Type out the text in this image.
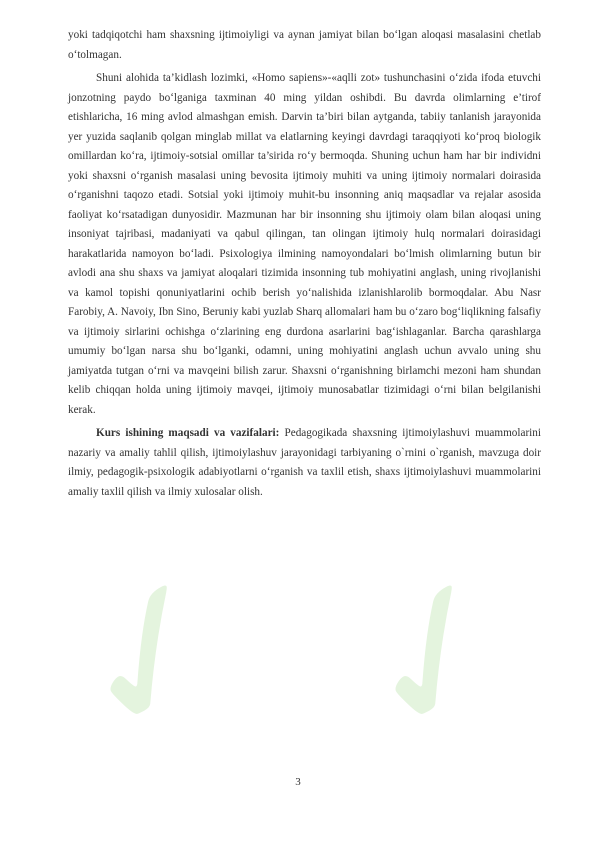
✓ ✓

yoki tadqiqotchi ham shaxsning ijtimoiyligi va aynan jamiyat bilan bo‘lgan aloqasi masalasini chetlab o‘tolmagan.

Shuni alohida ta’kidlash lozimki, «Homo sapiens»-«aqlli zot» tushunchasini o‘zida ifoda etuvchi jonzotning paydo bo‘lganiga taxminan 40 ming yildan oshibdi. Bu davrda olimlarning e’tirof etishlaricha, 16 ming avlod almashgan emish. Darvin ta’biri bilan aytganda, tabiiy tanlanish jarayonida yer yuzida saqlanib qolgan minglab millat va elatlarning keyingi davrdagi taraqqiyoti ko‘proq biologik omillardan ko‘ra, ijtimoiy-sotsial omillar ta’sirida ro‘y bermoqda. Shuning uchun ham har bir individni yoki shaxsni o‘rganish masalasi uning bevosita ijtimoiy muhiti va uning ijtimoiy normalari doirasida o‘rganishni taqozo etadi. Sotsial yoki ijtimoiy muhit-bu insonning aniq maqsadlar va rejalar asosida faoliyat ko‘rsatadigan dunyosidir. Mazmunan har bir insonning shu ijtimoiy olam bilan aloqasi uning insoniyat tajribasi, madaniyati va qabul qilingan, tan olingan ijtimoiy hulq normalari doirasidagi harakatlarida namoyon bo‘ladi. Psixologiya ilmining namoyondalari bo‘lmish olimlarning butun bir avlodi ana shu shaxs va jamiyat aloqalari tizimida insonning tub mohiyatini anglash, uning rivojlanishi va kamol topishi qonuniyatlarini ochib berish yo‘nalishida izlanishlarolib bormoqdalar. Abu Nasr Farobiy, A. Navoiy, Ibn Sino, Beruniy kabi yuzlab Sharq allomalari ham bu o‘zaro bog‘liqlikning falsafiy va ijtimoiy sirlarini ochishga o‘zlarining eng durdona asarlarini bag‘ishlaganlar. Barcha qarashlarga umumiy bo‘lgan narsa shu bo‘lganki, odamni, uning mohiyatini anglash uchun avvalo uning shu jamiyatda tutgan o‘rni va mavqeini bilish zarur. Shaxsni o‘rganishning birlamchi mezoni ham shundan kelib chiqqan holda uning ijtimoiy mavqei, ijtimoiy munosabatlar tizimidagi o‘rni bilan belgilanishi kerak.

Kurs ishining maqsadi va vazifalari: Pedagogikada shaxsning ijtimoiylashuvi muammolarini nazariy va amaliy tahlil qilish, ijtimoiylashuv jarayonidagi tarbiyaning o`rnini o`rganish, mavzuga doir ilmiy, pedagogik-psixologik adabiyotlarni o‘rganish va taxlil etish, shaxs ijtimoiylashuvi muammolarini amaliy taxlil qilish va ilmiy xulosalar olish.

3
